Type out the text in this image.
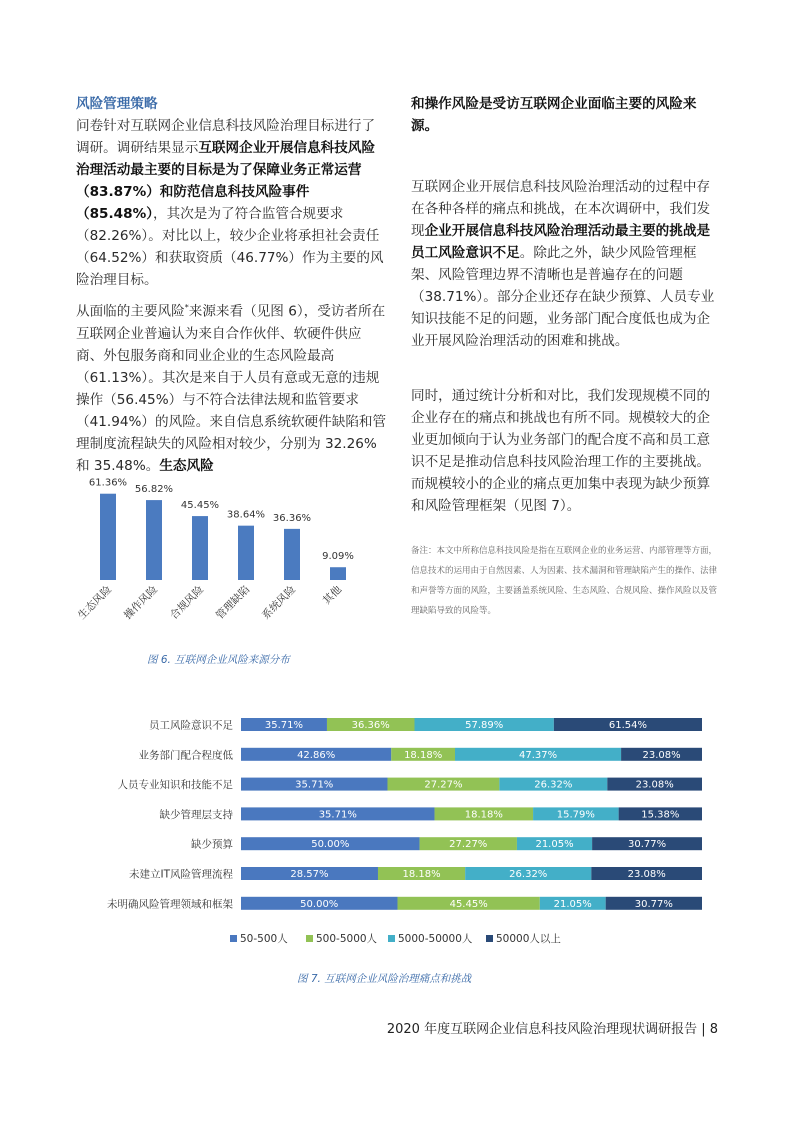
风险管理策略

问卷针对互联网企业信息科技风险治理目标进行了调研。调研结果显示互联网企业开展信息科技风险治理活动最主要的目标是为了保障业务正常运营（83.87%）和防范信息科技风险事件（85.48%），其次是为了符合监管合规要求（82.26%）。对比以上，较少企业将承担社会责任（64.52%）和获取资质（46.77%）作为主要的风险治理目标。

从面临的主要风险*来源来看（见图 6），受访者所在互联网企业普遍认为来自合作伙伴、软硬件供应商、外包服务商和同业企业的生态风险最高（61.13%）。其次是来自于人员有意或无意的违规操作（56.45%）与不符合法律法规和监管要求（41.94%）的风险。来自信息系统软硬件缺陷和管理制度流程缺失的风险相对较少，分别为 32.26%和 35.48%。生态风险

和操作风险是受访互联网企业面临主要的风险来源。

互联网企业开展信息科技风险治理活动的过程中存在各种各样的痛点和挑战，在本次调研中，我们发现企业开展信息科技风险治理活动最主要的挑战是员工风险意识不足。除此之外，缺少风险管理框架、风险管理边界不清晰也是普遍存在的问题（38.71%）。部分企业还存在缺少预算、人员专业知识技能不足的问题，业务部门配合度低也成为企业开展风险治理活动的困难和挑战。

同时，通过统计分析和对比，我们发现规模不同的企业存在的痛点和挑战也有所不同。规模较大的企业更加倾向于认为业务部门的配合度不高和员工意识不足是推动信息科技风险治理工作的主要挑战。而规模较小的企业的痛点更加集中表现为缺少预算和风险管理框架（见图 7）。

备注：本文中所称信息科技风险是指在互联网企业的业务运营、内部管理等方面，信息技术的运用由于自然因素、人为因素、技术漏洞和管理缺陷产生的操作、法律和声誉等方面的风险，主要涵盖系统风险、生态风险、合规风险、操作风险以及管理缺陷导致的风险等。
61.36%
生态风险
56.82%
操作风险
45.45%
合规风险
38.64%
管理缺陷
36.36%
系统风险
9.09%
其他
图 6. 互联网企业风险来源分布
员工风险意识不足	35.71%	36.36%	57.89%	61.54%
业务部门配合程度低	42.86%	18.18%	47.37%	23.08%
人员专业知识和技能不足	35.71%	27.27%	26.32%	23.08%
缺少管理层支持	35.71%	18.18%	15.79%	15.38%
缺少预算	50.00%	27.27%	21.05%	30.77%
未建立IT风险管理流程	28.57%	18.18%	26.32%	23.08%
未明确风险管理领域和框架	50.00%	45.45%	21.05%	30.77%
50-500人	500-5000人 5000-50000人 50000人以上
图 7. 互联网企业风险治理痛点和挑战
2020 年度互联网企业信息科技风险治理现状调研报告 | 8
